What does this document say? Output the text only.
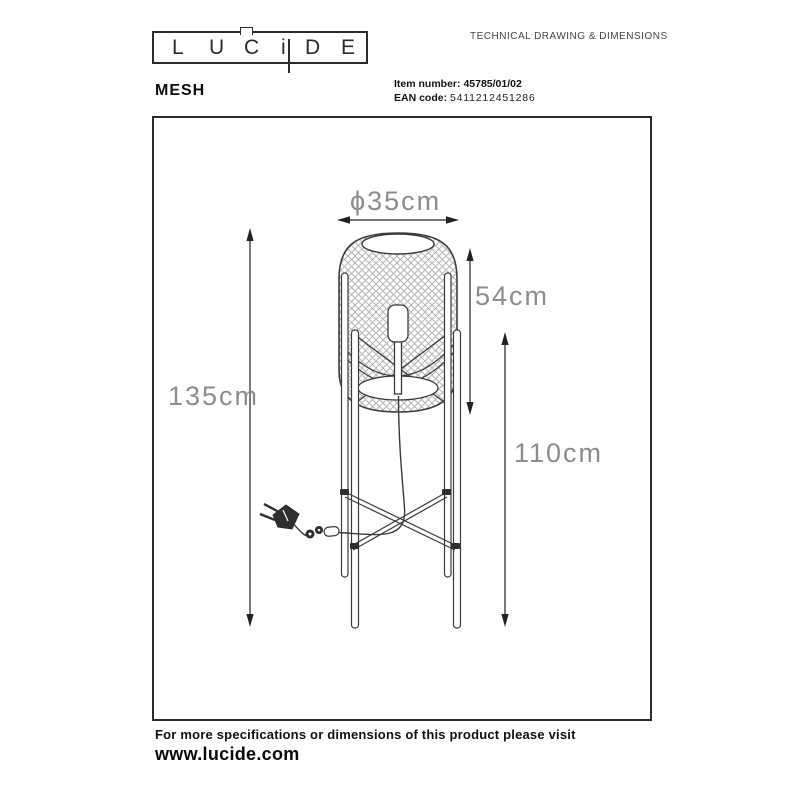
L U C i D E	TECHNICAL DRAWING & DIMENSIONS
MESH	Item number: 45785/01/02
EAN code: 5411212451286
ϕ35cm
54cm
135cm
110cm
For more specifications or dimensions of this product please visit
www.lucide.com
